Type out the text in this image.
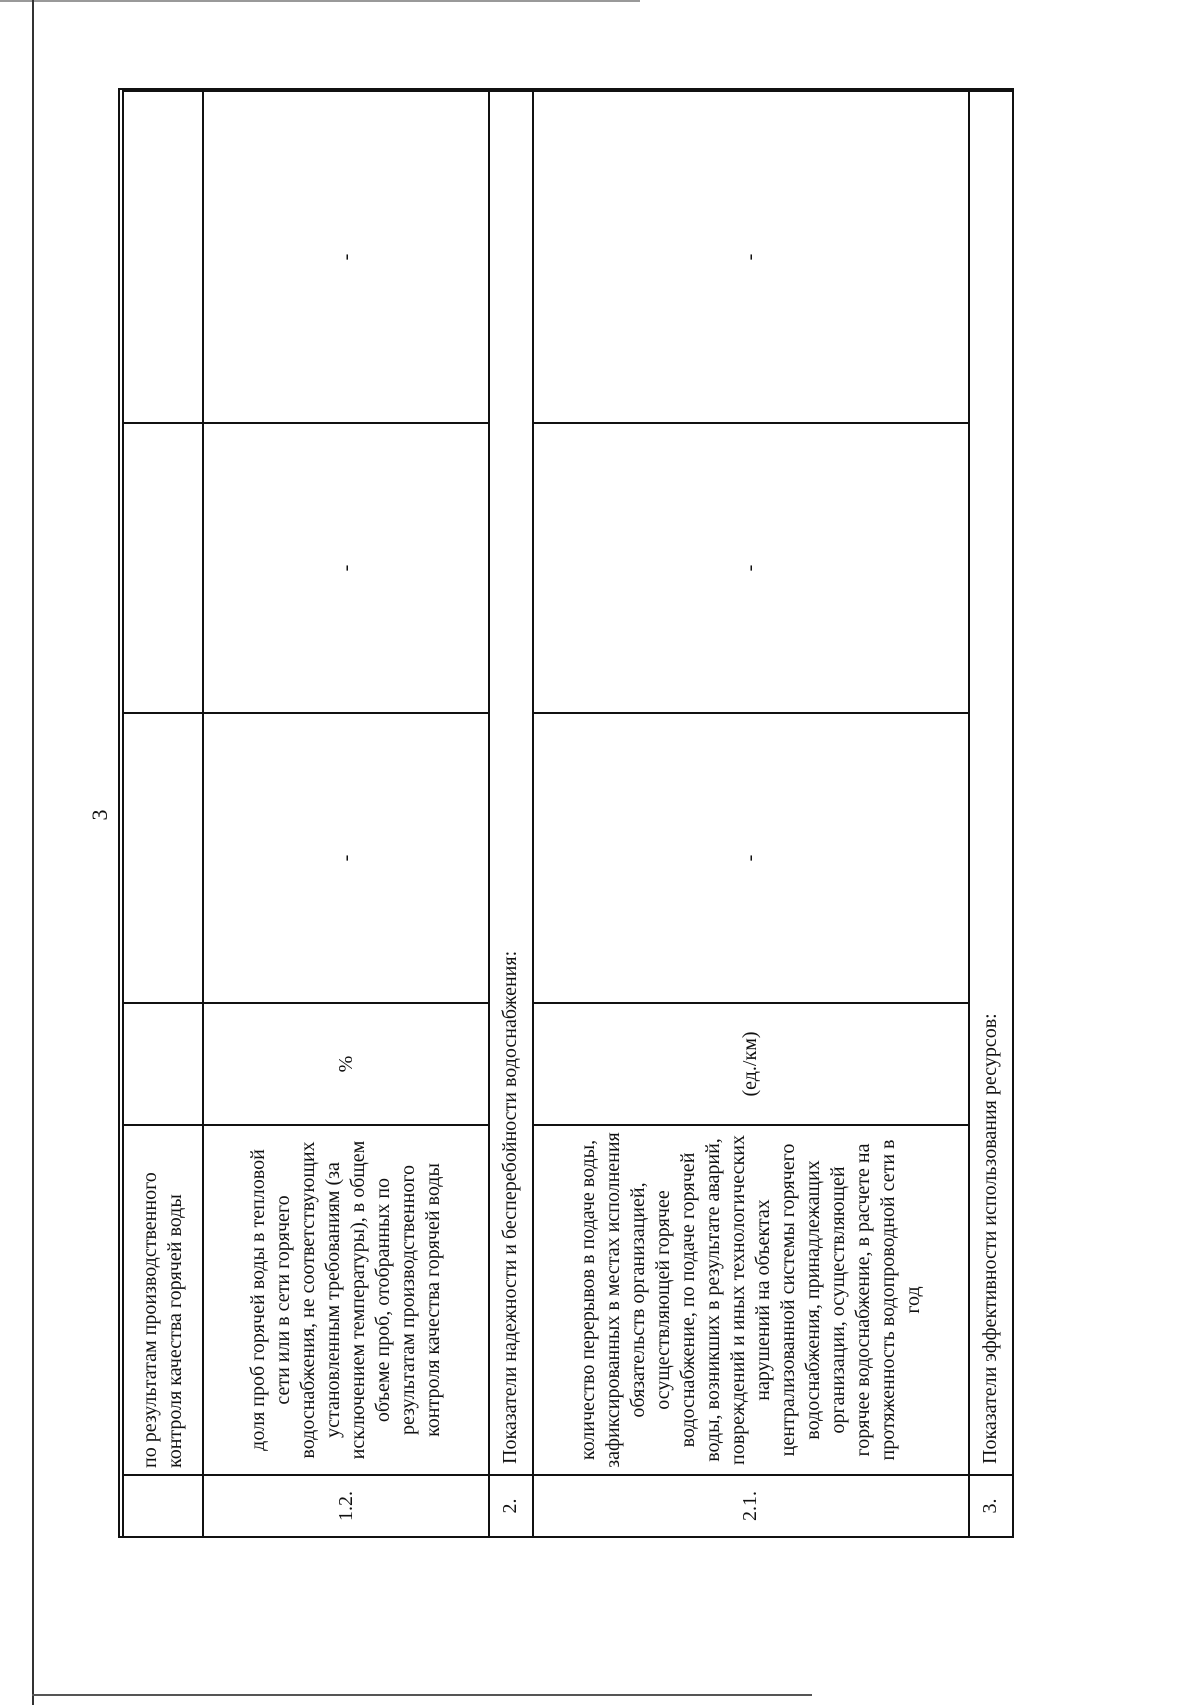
3
	по результатам производственного контроля качества горячей воды				
1.2.	доля проб горячей воды в тепловой сети или в сети горячего водоснабжения, не соответствующих установленным требованиям (за исключением температуры), в общем объеме проб, отобранных по результатам производственного контроля качества горячей воды	%	-	-	-
2.	Показатели надежности и бесперебойности водоснабжения:				
2.1.	количество перерывов в подаче воды, зафиксированных в местах исполнения обязательств организацией, осуществляющей горячее водоснабжение, по подаче горячей воды, возникших в результате аварий, повреждений и иных технологических нарушений на объектах централизованной системы горячего водоснабжения, принадлежащих организации, осуществляющей горячее водоснабжение, в расчете на протяженность водопроводной сети в год	(ед./км)	-	-	-
3.	Показатели эффективности использования ресурсов:				
